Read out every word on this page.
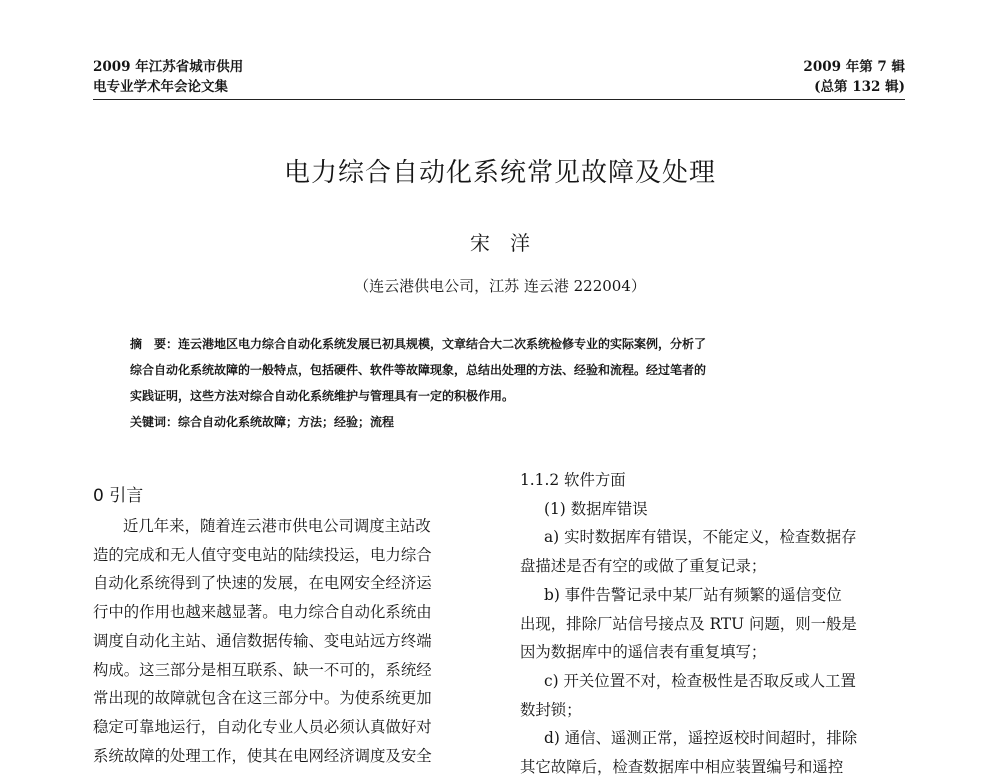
2009 年江苏省城市供用

电专业学术年会论文集

2009 年第 7 辑

(总第 132 辑)

电力综合自动化系统常见故障及处理

宋　洋

（连云港供电公司，江苏 连云港 222004）

摘　要：连云港地区电力综合自动化系统发展已初具规模，文章结合大二次系统检修专业的实际案例，分析了
综合自动化系统故障的一般特点，包括硬件、软件等故障现象，总结出处理的方法、经验和流程。经过笔者的
实践证明，这些方法对综合自动化系统维护与管理具有一定的积极作用。

关键词：综合自动化系统故障；方法；经验；流程

0 引言
近几年来，随着连云港市供电公司调度主站改
造的完成和无人值守变电站的陆续投运，电力综合
自动化系统得到了快速的发展，在电网安全经济运
行中的作用也越来越显著。电力综合自动化系统由
调度自动化主站、通信数据传输、变电站远方终端
构成。这三部分是相互联系、缺一不可的，系统经
常出现的故障就包含在这三部分中。为使系统更加
稳定可靠地运行，自动化专业人员必须认真做好对
系统故障的处理工作，使其在电网经济调度及安全
1.1.2 软件方面
(1) 数据库错误
a) 实时数据库有错误，不能定义，检查数据存
盘描述是否有空的或做了重复记录；
b) 事件告警记录中某厂站有频繁的遥信变位
出现，排除厂站信号接点及 RTU 问题，则一般是
因为数据库中的遥信表有重复填写；
c) 开关位置不对，检查极性是否取反或人工置
数封锁；
d) 通信、遥测正常，遥控返校时间超时，排除
其它故障后，检查数据库中相应装置编号和遥控
